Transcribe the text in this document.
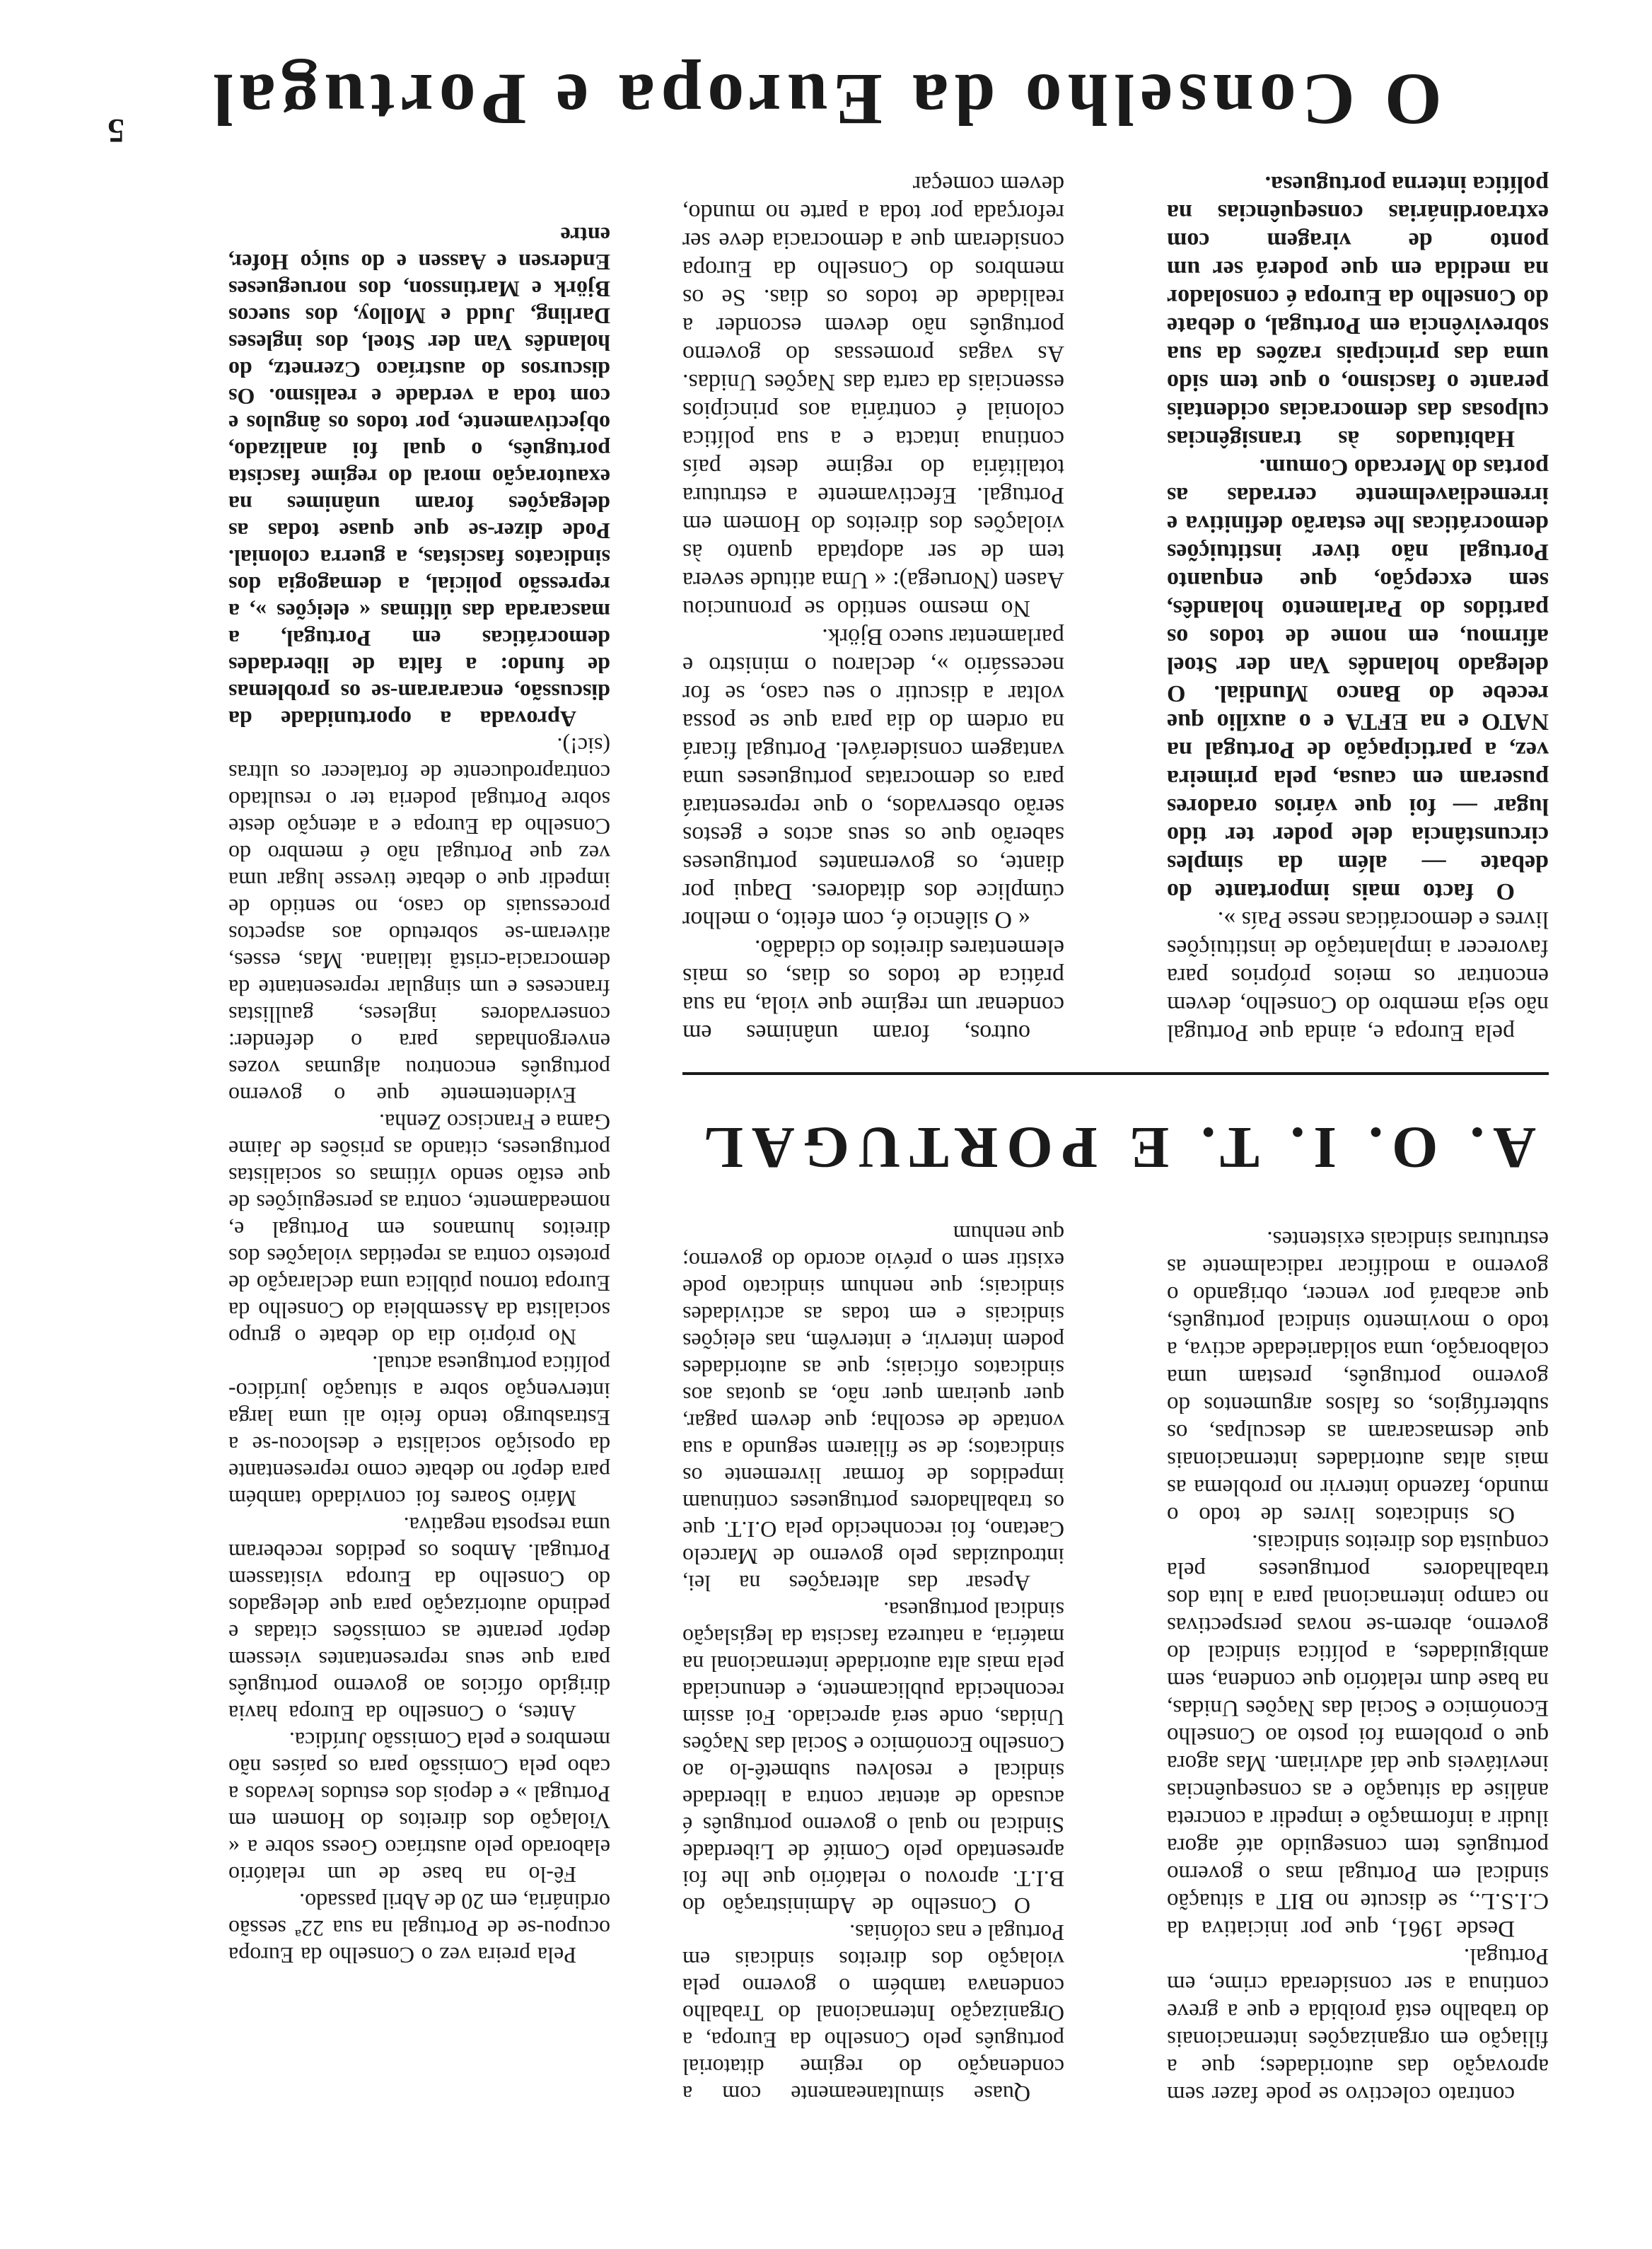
5 O Conselho da Europa e Portugal

Pela preira vez o Conselho da Europa ocupou-se de Portugal na sua 22ª sessão ordinária, em 20 de Abril passado.

Fê-lo na base de um relatório elaborado pelo austríaco Goess sobre a « Violação dos direitos do Homem em Portugal » e depois dos estudos levados a cabo pela Comissão para os países não membros e pela Comissão Jurídica.

Antes, o Conselho da Europa havia dirigido ofícios ao governo português para que seus representantes viessem depôr perante as comissões citadas e pedindo autorização para que delegados do Conselho da Europa visitassem Portugal. Ambos os pedidos receberam uma resposta negativa.

Mário Soares foi convidado também para depôr no debate como representante da oposição socialista e deslocou-se a Estrasburgo tendo feito ali uma larga intervenção sobre a situação jurídico-política portuguesa actual.

No próprio dia do debate o grupo socialista da Assembleia do Conselho da Europa tornou pública uma declaração de protesto contra as repetidas violações dos direitos humanos em Portugal e, nomeadamente, contra as perseguições de que estão sendo vítimas os socialistas portugueses, citando as prisões de Jaime Gama e Francisco Zenha.

Evidentemente que o governo português encontrou algumas vozes envergonhadas para o defender: conservadores ingleses, gaullistas franceses e um singular representante da democracia-cristã italiana. Mas, esses, ativeram-se sobretudo aos aspectos processuais do caso, no sentido de impedir que o debate tivesse lugar uma vez que Portugal não é membro do Conselho da Europa e a atenção deste sobre Portugal poderia ter o resultado contraproducente de fortalecer os ultras (sic!).

Aprovada a oportunidade da discussão, encararam-se os problemas de fundo: a falta de liberdades democráticas em Portugal, a mascarada das últimas « eleições », a repressão policial, a demagogia dos sindicatos fascistas, a guerra colonial. Pode dizer-se que quase todas as delegações foram unânimes na exautoração moral do regime fascista português, o qual foi analizado, objectivamente, por todos os ângulos e com toda a verdade e realismo. Os discursos do austríaco Czernetz, do holandês Van der Stoel, dos ingleses Darling, Judd e Molloy, dos suecos Björk e Martinsson, dos noruegueses Endersen e Aassen e do suiço Hofer, entre

outros, foram unânimes em condenar um regime que viola, na sua prática de todos os dias, os mais elementares direitos do cidadão.

« O silêncio é, com efeito, o melhor cúmplice dos ditadores. Daqui por diante, os governantes portugueses saberão que os seus actos e gestos serão observados, o que representará para os democratas portugueses uma vantagem considerável. Portugal ficará na ordem do dia para que se possa voltar a discutir o seu caso, se for necessário », declarou o ministro e parlamentar sueco Björk.

No mesmo sentido se pronunciou Aasen (Noruega): « Uma atitude severa tem de ser adoptada quanto às violações dos direitos do Homem em Portugal. Efectivamente a estrutura totalitária do regime deste país continua intacta e a sua política colonial é contrária aos princípios essenciais da carta das Nações Unidas. As vagas promessas do governo português não devem esconder a realidade de todos os dias. Se os membros do Conselho da Europa consideram que a democracia deve ser reforçada por toda a parte no mundo, devem começar

pela Europa e, ainda que Portugal não seja membro do Conselho, devem encontrar os meios próprios para favorecer a implantação de instituições livres e democráticas nesse País ».

O facto mais importante do debate — além da simples circunstância dele poder ter tido lugar — foi que vários oradores puseram em causa, pela primeira vez, a participação de Portugal na NATO e na EFTA e o auxílio que recebe do Banco Mundial. O delegado holandês Van der Stoel afirmou, em nome de todos os partidos do Parlamento holandês, sem excepção, que enquanto Portugal não tiver instituições democráticas lhe estarão definitiva e irremediavelmente cerradas as portas do Mercado Comum.

Habituados às transigências culposas das democracias ocidentais perante o fascismo, o que tem sido uma das principais razões da sua sobrevivência em Portugal, o debate do Conselho da Europa é consolador na medida em que poderá ser um ponto de viragem com extraordinárias consequências na política interna portuguesa.

A. O. I. T. E PORTUGAL

Quase simultaneamente com a condenação do regime ditatorial português pelo Conselho da Europa, a Organização Internacional do Trabalho condenava também o governo pela violação dos direitos sindicais em Portugal e nas colónias.

O Conselho de Administração do B.I.T. aprovou o relatório que lhe foi apresentado pelo Comité de Liberdade Sindical no qual o governo português é acusado de atentar contra a liberdade sindical e resolveu submetê-lo ao Conselho Económico e Social das Nações Unidas, onde será apreciado. Foi assim reconhecida publicamente, e denunciada pela mais alta autoridade internacional na matéria, a natureza fascista da legislação sindical portuguesa.

Apesar das alterações na lei, introduzidas pelo governo de Marcelo Caetano, foi reconhecido pela O.I.T. que os trabalhadores portugueses continuam impedidos de formar livremente os sindicatos; de se filiarem segundo a sua vontade de escolha; que devem pagar, quer queiram quer não, as quotas aos sindicatos oficiais; que as autoridades podem intervir, e intervêm, nas eleições sindicais e em todas as actividades sindicais; que nenhum sindicato pode existir sem o prévio acordo do governo; que nenhum

contrato colectivo se pode fazer sem aprovação das autoridades; que a filiação em organizações internacionais do trabalho está proibida e que a greve continua a ser considerada crime, em Portugal.

Desde 1961, que por iniciativa da C.I.S.L., se discute no BIT a situação sindical em Portugal mas o governo português tem conseguido até agora iludir a informação e impedir a concreta análise da situação e as consequências inevitáveis que daí adviriam. Mas agora que o problema foi posto ao Conselho Económico e Social das Nações Unidas, na base dum relatório que condena, sem ambiguidades, a política sindical do governo, abrem-se novas perspectivas no campo internacional para a luta dos trabalhadores portugueses pela conquista dos direitos sindicais.

Os sindicatos livres de todo o mundo, fazendo intervir no problema as mais altas autoridades internacionais que desmascaram as desculpas, os subterfúgios, os falsos argumentos do governo português, prestam uma colaboração, uma solidariedade activa, a todo o movimento sindical português, que acabará por vencer, obrigando o governo a modificar radicalmente as estruturas sindicais existentes.
